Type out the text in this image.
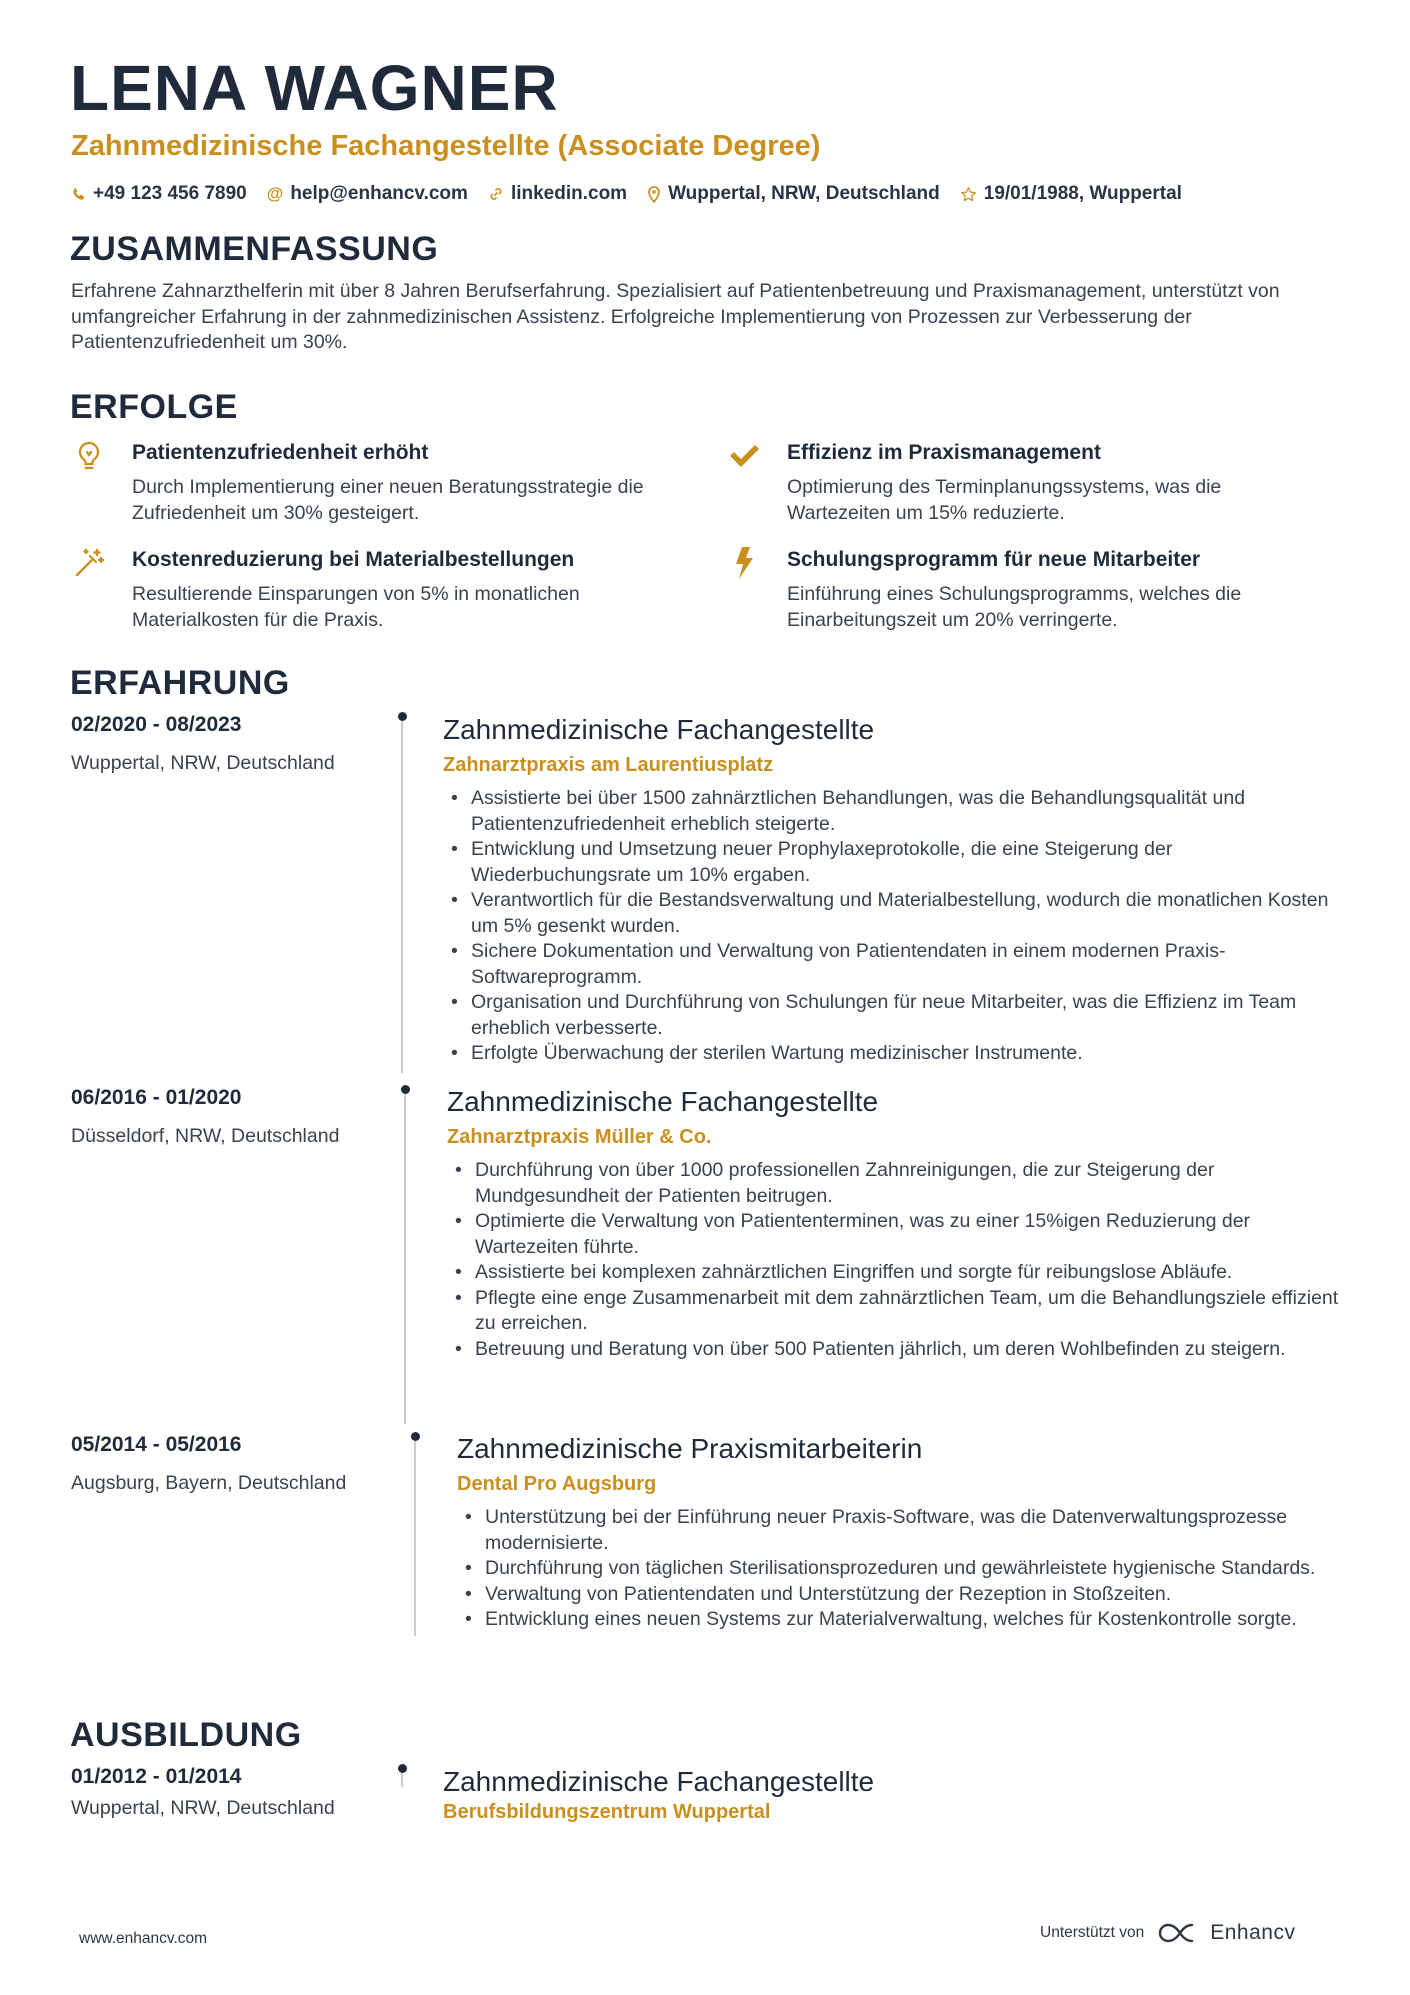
LENA WAGNER
Zahnmedizinische Fachangestellte (Associate Degree)
+49 123 456 7890 @ help@enhancv.com linkedin.com Wuppertal, NRW, Deutschland 19/01/1988, Wuppertal
ZUSAMMENFASSUNG
Erfahrene Zahnarzthelferin mit über 8 Jahren Berufserfahrung. Spezialisiert auf Patientenbetreuung und Praxismanagement, unterstützt von umfangreicher Erfahrung in der zahnmedizinischen Assistenz. Erfolgreiche Implementierung von Prozessen zur Verbesserung der Patientenzufriedenheit um 30%.
ERFOLGE
Patientenzufriedenheit erhöht
Durch Implementierung einer neuen Beratungsstrategie die Zufriedenheit um 30% gesteigert.
Effizienz im Praxismanagement
Optimierung des Terminplanungssystems, was die Wartezeiten um 15% reduzierte.
Kostenreduzierung bei Materialbestellungen
Resultierende Einsparungen von 5% in monatlichen Materialkosten für die Praxis.
Schulungsprogramm für neue Mitarbeiter
Einführung eines Schulungsprogramms, welches die Einarbeitungszeit um 20% verringerte.
ERFAHRUNG
02/2020 - 08/2023
Wuppertal, NRW, Deutschland
Zahnmedizinische Fachangestellte
Zahnarztpraxis am Laurentiusplatz
• Assistierte bei über 1500 zahnärztlichen Behandlungen, was die Behandlungsqualität und Patientenzufriedenheit erheblich steigerte.
• Entwicklung und Umsetzung neuer Prophylaxeprotokolle, die eine Steigerung der Wiederbuchungsrate um 10% ergaben.
• Verantwortlich für die Bestandsverwaltung und Materialbestellung, wodurch die monatlichen Kosten um 5% gesenkt wurden.
• Sichere Dokumentation und Verwaltung von Patientendaten in einem modernen Praxis-Softwareprogramm.
• Organisation und Durchführung von Schulungen für neue Mitarbeiter, was die Effizienz im Team erheblich verbesserte.
• Erfolgte Überwachung der sterilen Wartung medizinischer Instrumente.
06/2016 - 01/2020
Düsseldorf, NRW, Deutschland
Zahnmedizinische Fachangestellte
Zahnarztpraxis Müller & Co.
• Durchführung von über 1000 professionellen Zahnreinigungen, die zur Steigerung der Mundgesundheit der Patienten beitrugen.
• Optimierte die Verwaltung von Patiententerminen, was zu einer 15%igen Reduzierung der Wartezeiten führte.
• Assistierte bei komplexen zahnärztlichen Eingriffen und sorgte für reibungslose Abläufe.
• Pflegte eine enge Zusammenarbeit mit dem zahnärztlichen Team, um die Behandlungsziele effizient zu erreichen.
• Betreuung und Beratung von über 500 Patienten jährlich, um deren Wohlbefinden zu steigern.
05/2014 - 05/2016
Augsburg, Bayern, Deutschland
Zahnmedizinische Praxismitarbeiterin
Dental Pro Augsburg
• Unterstützung bei der Einführung neuer Praxis-Software, was die Datenverwaltungsprozesse modernisierte.
• Durchführung von täglichen Sterilisationsprozeduren und gewährleistete hygienische Standards.
• Verwaltung von Patientendaten und Unterstützung der Rezeption in Stoßzeiten.
• Entwicklung eines neuen Systems zur Materialverwaltung, welches für Kostenkontrolle sorgte.
AUSBILDUNG
01/2012 - 01/2014
Wuppertal, NRW, Deutschland
Zahnmedizinische Fachangestellte
Berufsbildungszentrum Wuppertal
www.enhancv.com	Unterstützt von	Enhancv
